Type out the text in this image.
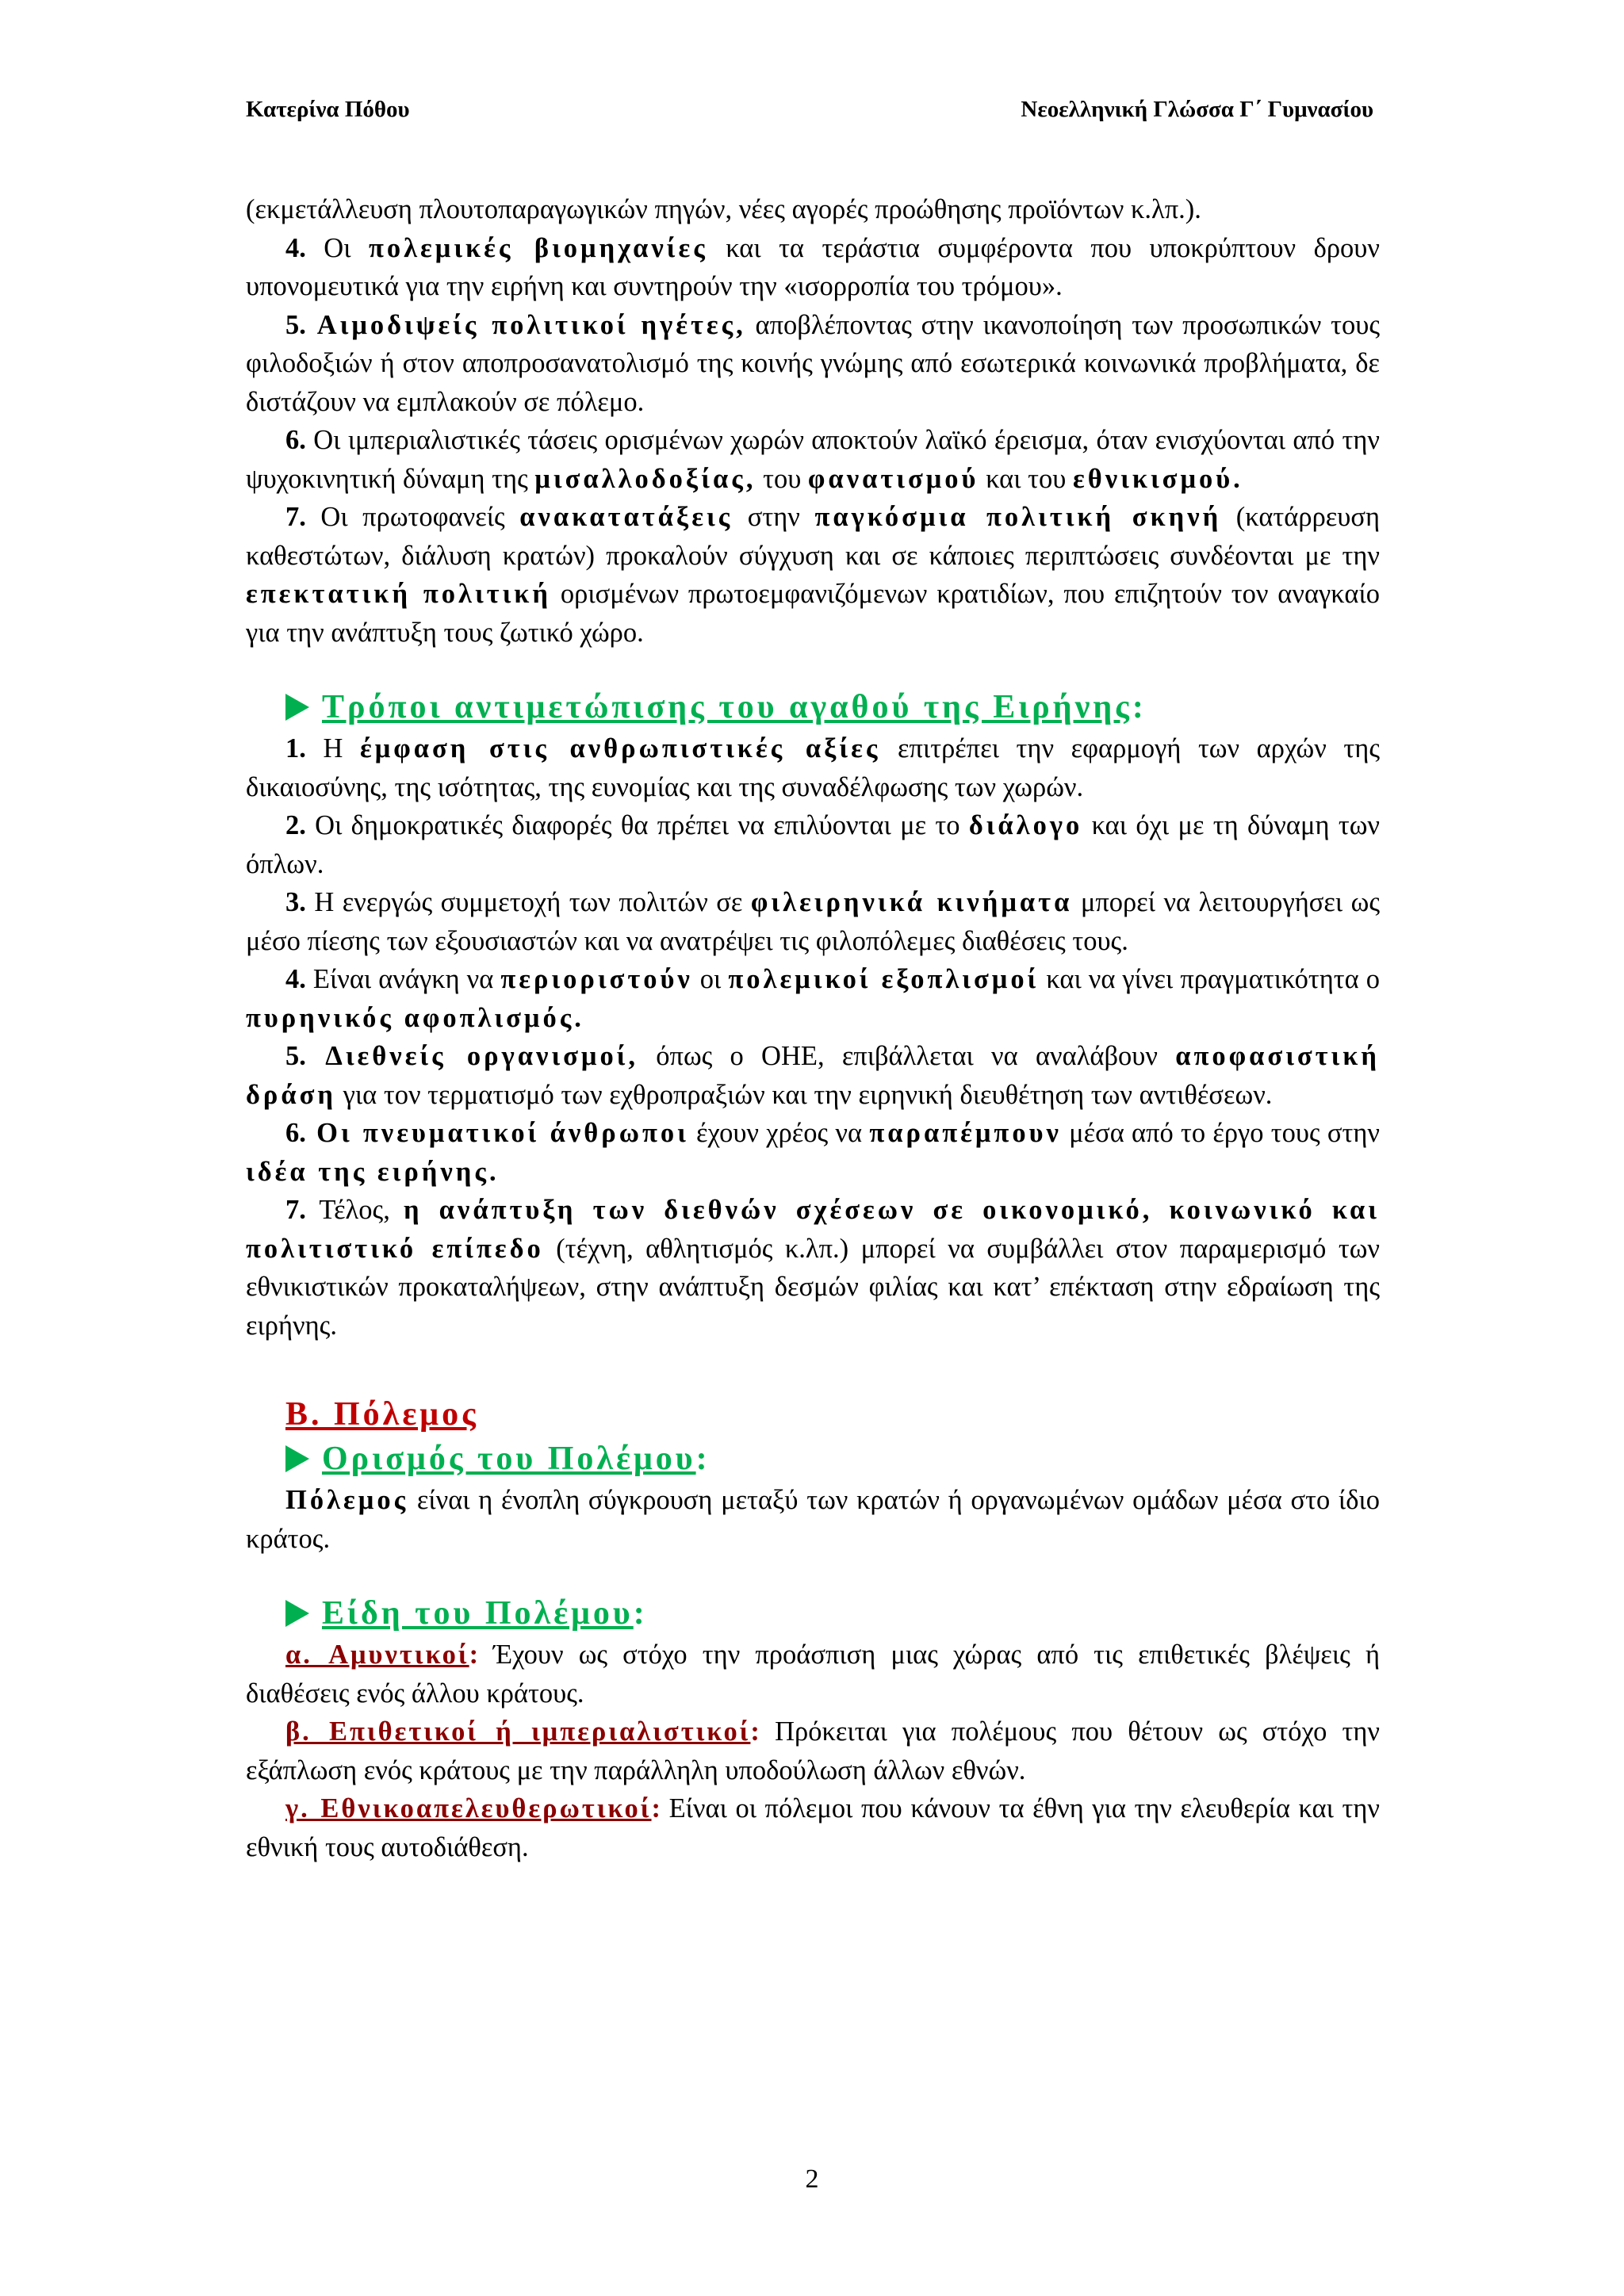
Κατερίνα Πόθου	Νεοελληνική Γλώσσα Γ΄ Γυμνασίου

(εκμετάλλευση πλουτοπαραγωγικών πηγών, νέες αγορές προώθησης προϊόντων κ.λπ.).

4. Οι πολεμικές βιομηχανίες και τα τεράστια συμφέροντα που υποκρύπτουν δρουν υπονομευτικά για την ειρήνη και συντηρούν την «ισορροπία του τρόμου».

5. Αιμοδιψείς πολιτικοί ηγέτες, αποβλέποντας στην ικανοποίηση των προσωπικών τους φιλοδοξιών ή στον αποπροσανατολισμό της κοινής γνώμης από εσωτερικά κοινωνικά προβλήματα, δε διστάζουν να εμπλακούν σε πόλεμο.

6. Οι ιμπεριαλιστικές τάσεις ορισμένων χωρών αποκτούν λαϊκό έρεισμα, όταν ενισχύονται από την ψυχοκινητική δύναμη της μισαλλοδοξίας, του φανατισμού και του εθνικισμού.

7. Οι πρωτοφανείς ανακατατάξεις στην παγκόσμια πολιτική σκηνή (κατάρρευση καθεστώτων, διάλυση κρατών) προκαλούν σύγχυση και σε κάποιες περιπτώσεις συνδέονται με την επεκτατική πολιτική ορισμένων πρωτοεμφανιζόμενων κρατιδίων, που επιζητούν τον αναγκαίο για την ανάπτυξη τους ζωτικό χώρο.

Τρόποι αντιμετώπισης του αγαθού της Ειρήνης :

1. Η έμφαση στις ανθρωπιστικές αξίες επιτρέπει την εφαρμογή των αρχών της δικαιοσύνης, της ισότητας, της ευνομίας και της συναδέλφωσης των χωρών.

2. Οι δημοκρατικές διαφορές θα πρέπει να επιλύονται με το διάλογο και όχι με τη δύναμη των όπλων.

3. Η ενεργώς συμμετοχή των πολιτών σε φιλειρηνικά κινήματα μπορεί να λειτουργήσει ως μέσο πίεσης των εξουσιαστών και να ανατρέψει τις φιλοπόλεμες διαθέσεις τους.

4. Είναι ανάγκη να περιοριστούν οι πολεμικοί εξοπλισμοί και να γίνει πραγματικότητα ο πυρηνικός αφοπλισμός.

5. Διεθνείς οργανισμοί, όπως ο ΟΗΕ, επιβάλλεται να αναλάβουν αποφασιστική δράση για τον τερματισμό των εχθροπραξιών και την ειρηνική διευθέτηση των αντιθέσεων.

6. Οι πνευματικοί άνθρωποι έχουν χρέος να παραπέμπουν μέσα από το έργο τους στην ιδέα της ειρήνης.

7. Τέλος, η ανάπτυξη των διεθνών σχέσεων σε οικονομικό, κοινωνικό και πολιτιστικό επίπεδο (τέχνη, αθλητισμός κ.λπ.) μπορεί να συμβάλλει στον παραμερισμό των εθνικιστικών προκαταλήψεων, στην ανάπτυξη δεσμών φιλίας και κατ’ επέκταση στην εδραίωση της ειρήνης.

Β. Πόλεμος
Ορισμός του Πολέμου :

Πόλεμος είναι η ένοπλη σύγκρουση μεταξύ των κρατών ή οργανωμένων ομάδων μέσα στο ίδιο κράτος.

Είδη του Πολέμου :

α. Αμυντικοί: Έχουν ως στόχο την προάσπιση μιας χώρας από τις επιθετικές βλέψεις ή διαθέσεις ενός άλλου κράτους.

β. Επιθετικοί ή ιμπεριαλιστικοί: Πρόκειται για πολέμους που θέτουν ως στόχο την εξάπλωση ενός κράτους με την παράλληλη υποδούλωση άλλων εθνών.

γ. Εθνικοαπελευθερωτικοί: Είναι οι πόλεμοι που κάνουν τα έθνη για την ελευθερία και την εθνική τους αυτοδιάθεση.

2
